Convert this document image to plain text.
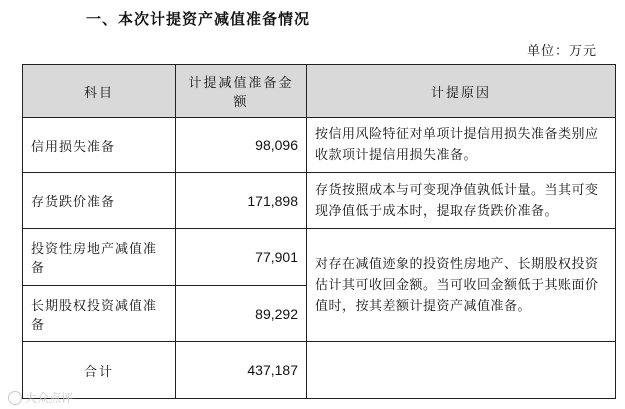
一、本次计提资产减值准备情况
单位：万元
科目	计提减值准备金额	计提原因
信用损失准备	98,096	按信用风险特征对单项计提信用损失准备类别应收款项计提信用损失准备。
存货跌价准备	171,898	存货按照成本与可变现净值孰低计量。当其可变现净值低于成本时，提取存货跌价准备。
投资性房地产减值准备	77,901	对存在减值迹象的投资性房地产、长期股权投资估计其可收回金额。当可收回金额低于其账面价值时，按其差额计提资产减值准备。
长期股权投资减值准备	89,292	
合计	437,187	
大众点评
